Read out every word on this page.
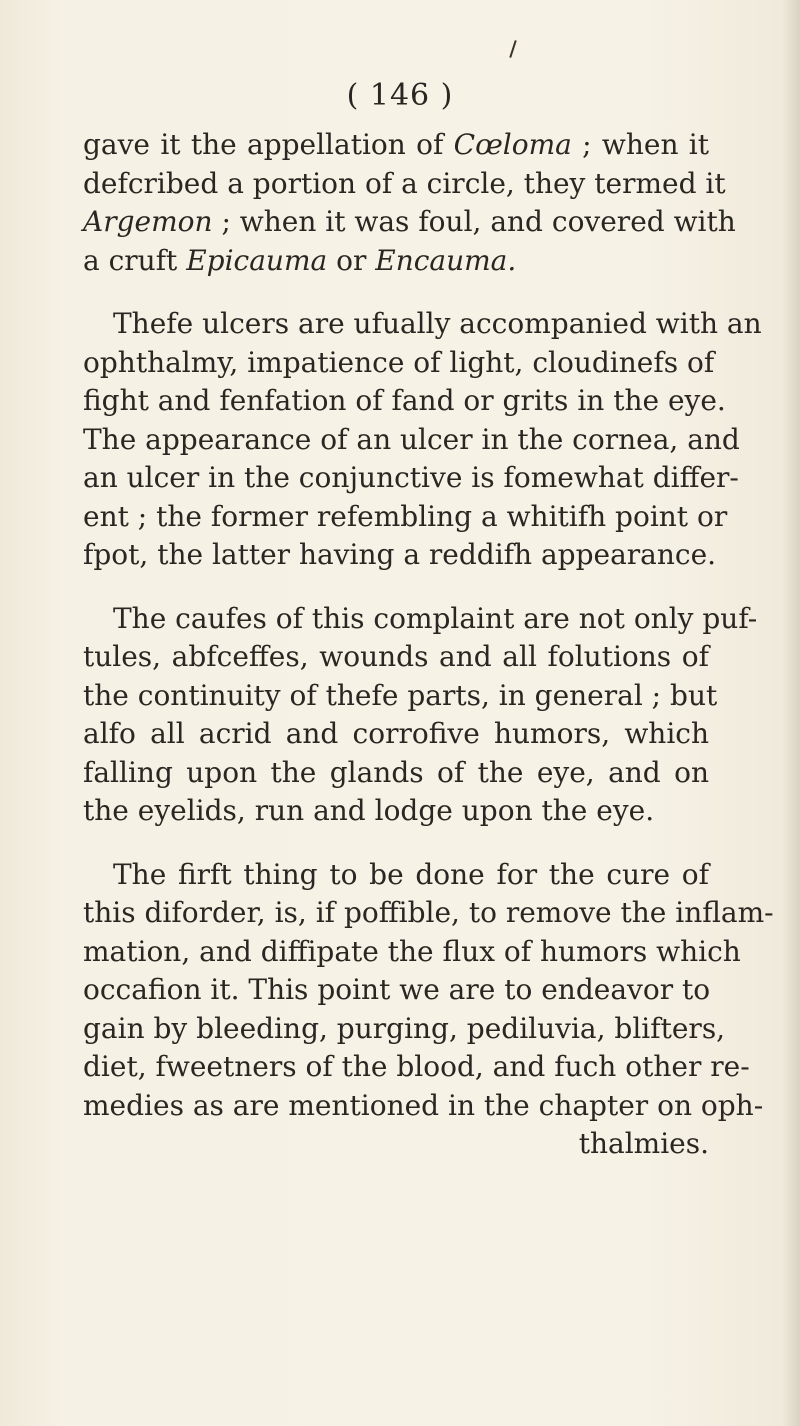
( 146 )
gave it the appellation of Cœloma ; when it
defcribed a portion of a circle, they termed it
Argemon ; when it was foul, and covered with
a cruft Epicauma or Encauma.
Thefe ulcers are ufually accompanied with an
ophthalmy, impatience of light, cloudinefs of
fight and fenfation of fand or grits in the eye.
The appearance of an ulcer in the cornea, and
an ulcer in the conjunctive is fomewhat differ-
ent ; the former refembling a whitifh point or
fpot, the latter having a reddifh appearance.
The caufes of this complaint are not only puf-
tules, abfceffes, wounds and all folutions of
the continuity of thefe parts, in general ; but
alfo all acrid and corrofive humors, which
falling upon the glands of the eye, and on
the eyelids, run and lodge upon the eye.
The firft thing to be done for the cure of
this diforder, is, if poffible, to remove the inflam-
mation, and diffipate the flux of humors which
occafion it. This point we are to endeavor to
gain by bleeding, purging, pediluvia, blifters,
diet, fweetners of the blood, and fuch other re-
medies as are mentioned in the chapter on oph-
thalmies.
